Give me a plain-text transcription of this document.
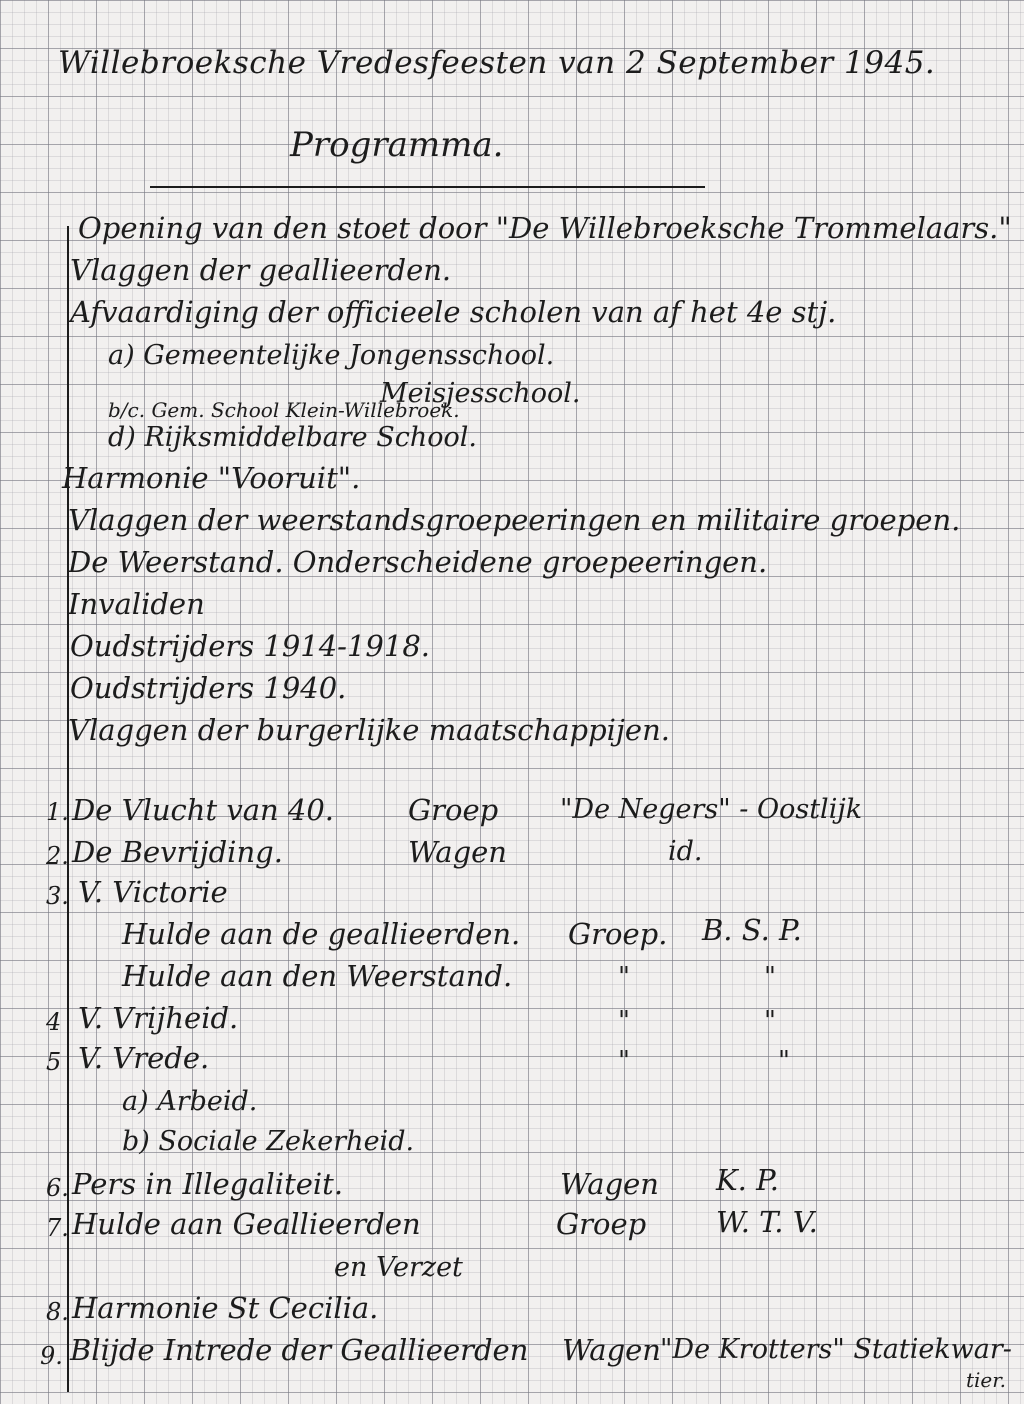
Willebroeksche Vredesfeesten van 2 September 1945.
Programma.
Opening van den stoet door "De Willebroeksche Trommelaars."
Vlaggen der geallieerden.
Afvaardiging der officieele scholen van af het 4e stj.
a) Gemeentelijke Jongensschool.
Meisjesschool.
b/c. Gem. School Klein-Willebroek.
d) Rijksmiddelbare School.
Harmonie "Vooruit".
Vlaggen der weerstandsgroepeeringen en militaire groepen.
De Weerstand. Onderscheidene groepeeringen.
Invaliden
Oudstrijders 1914-1918.
Oudstrijders 1940.
Vlaggen der burgerlijke maatschappijen.
1. De Vlucht van 40.	Groep "De Negers" - Oostlijk
2. De Bevrijding.	Wagen	id.
3. V. Victorie
Hulde aan de geallieerden. Groep. B. S. P.
Hulde aan den Weerstand.	"	"
4 V. Vrijheid.	"	"
5 V. Vrede.	"	"
a) Arbeid.
b) Sociale Zekerheid.
6. Pers in Illegaliteit.	Wagen K. P.
7. Hulde aan Geallieerden	Groep W. T. V.
en Verzet
8. Harmonie St Cecilia.
9. Blijde Intrede der Geallieerden Wagen "De Krotters" Statiekwar-
tier.
